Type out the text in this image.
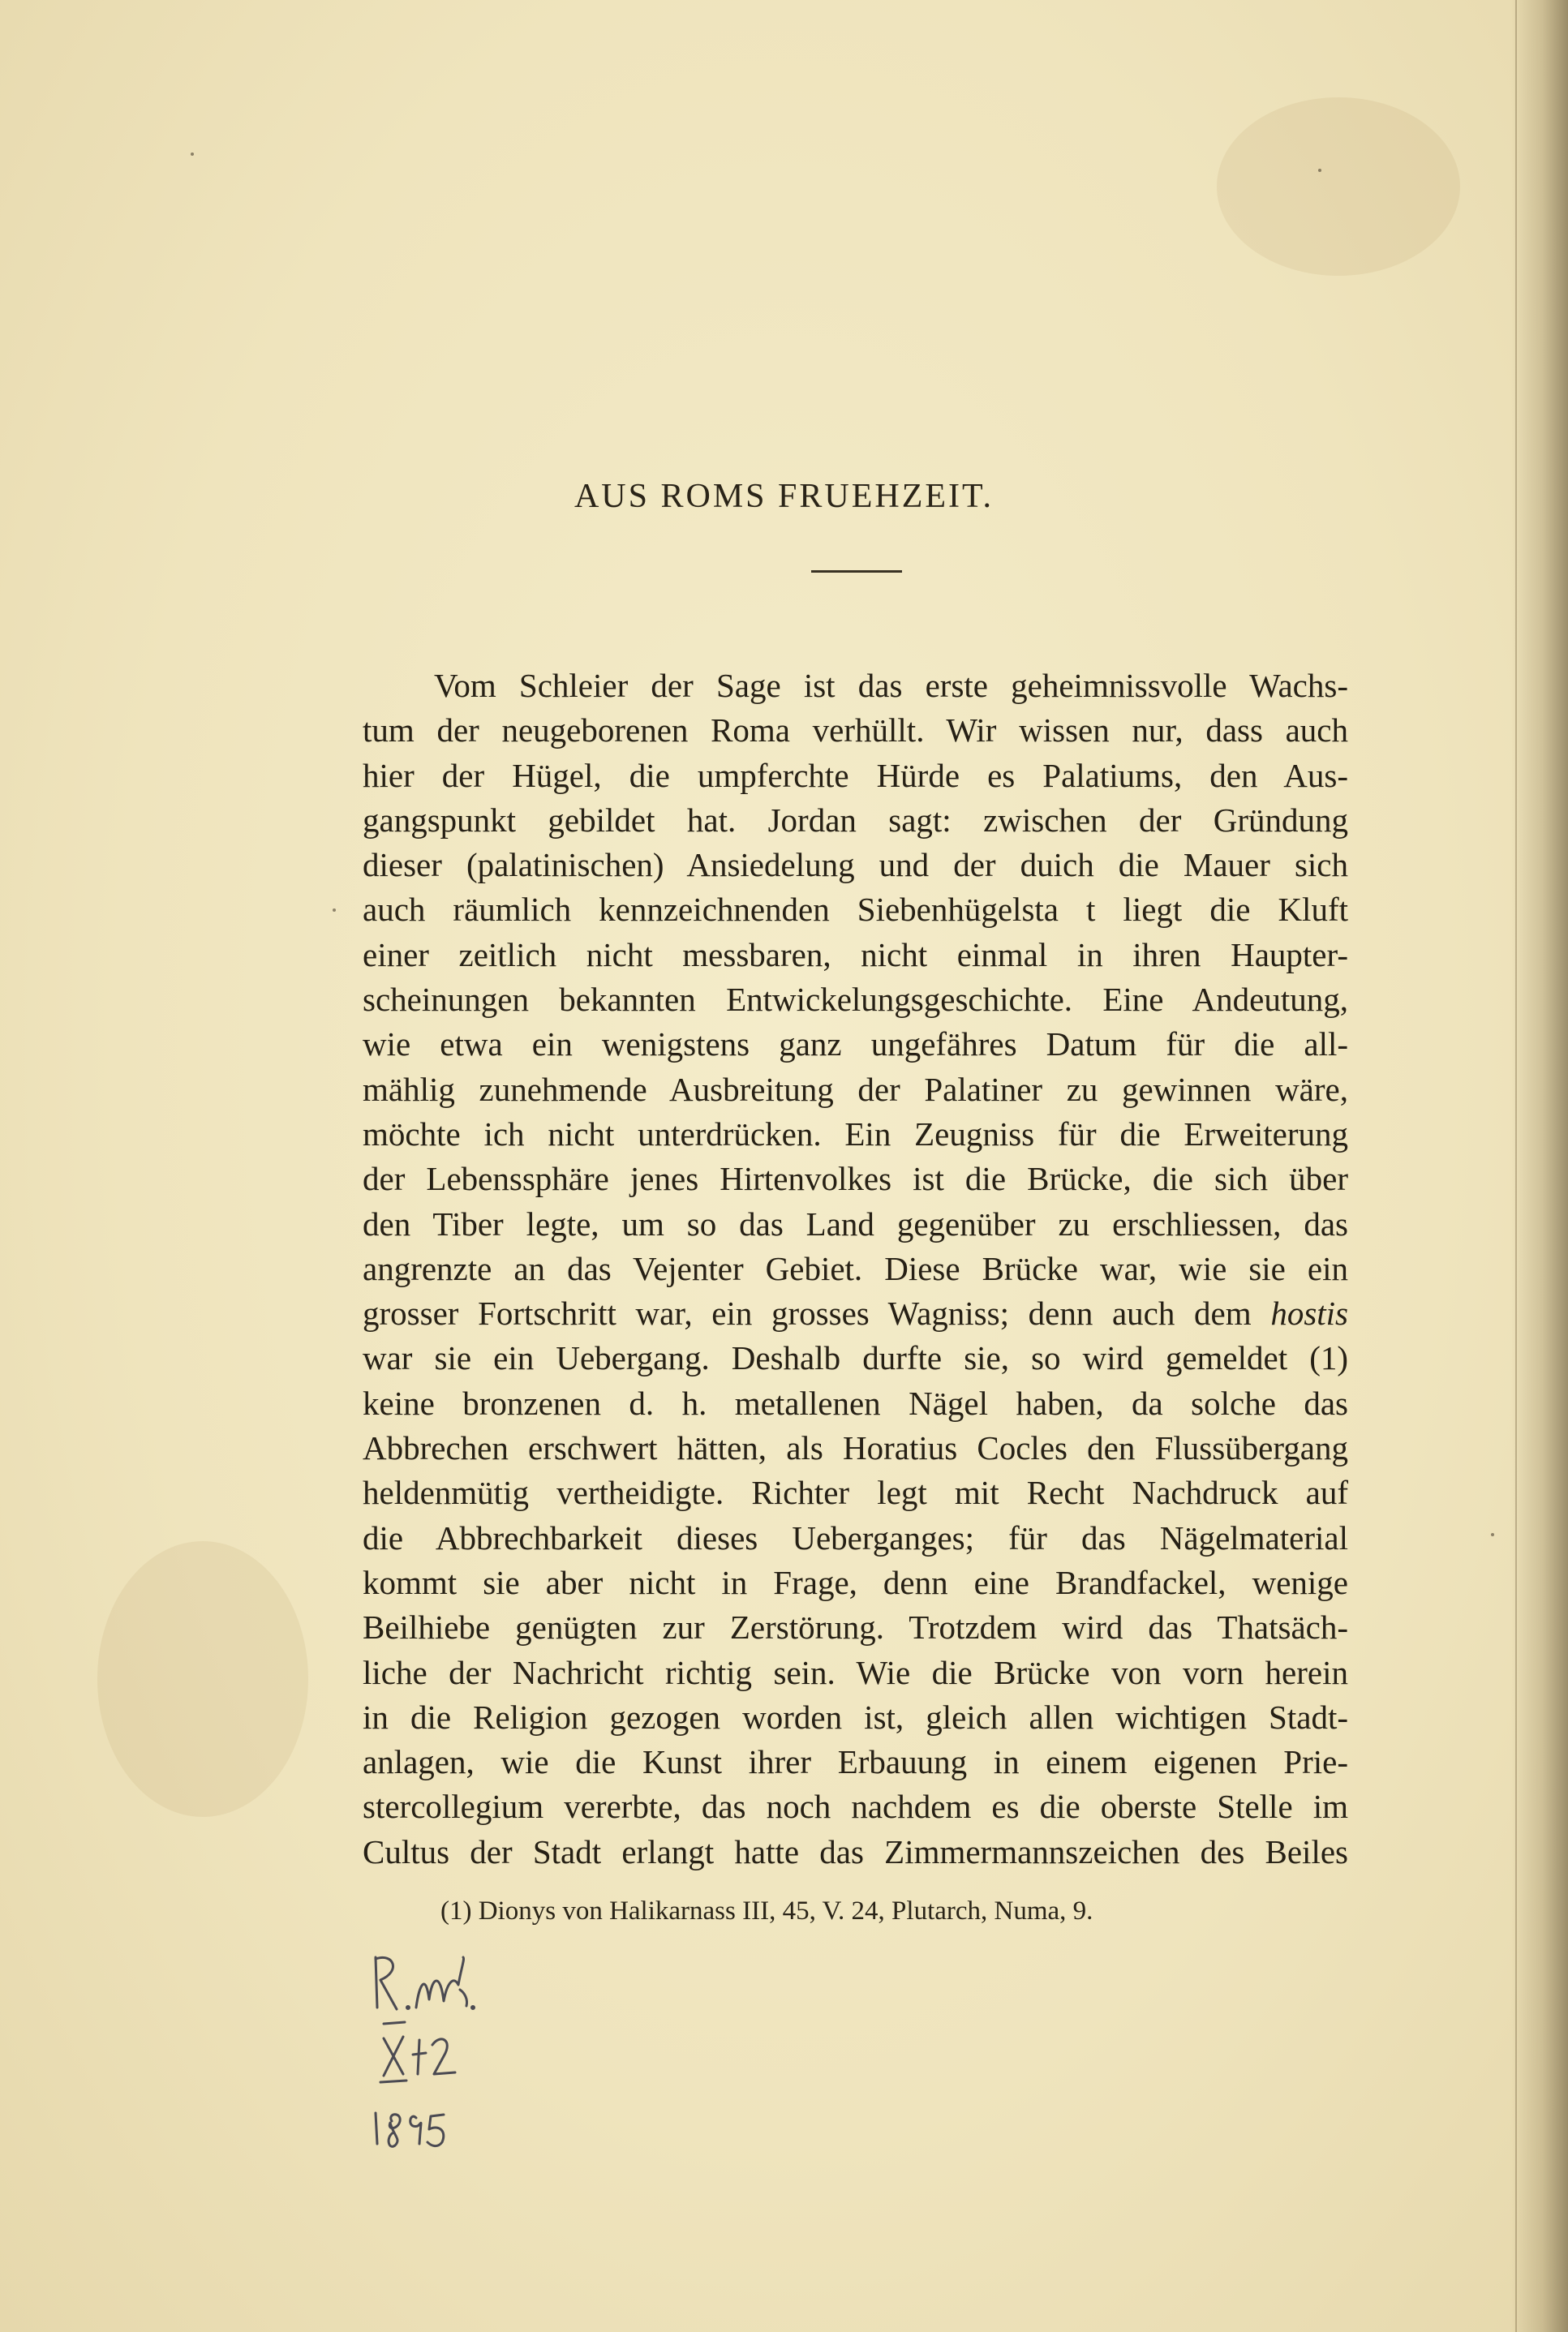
AUS ROMS FRUEHZEIT.
Vom Schleier der Sage ist das erste geheimnissvolle Wachs-
tum der neugeborenen Roma verhüllt. Wir wissen nur, dass auch
hier der Hügel, die umpferchte Hürde es Palatiums, den Aus-
gangspunkt gebildet hat. Jordan sagt: zwischen der Gründung
dieser (palatinischen) Ansiedelung und der duich die Mauer sich
auch räumlich kennzeichnenden Siebenhügelsta t liegt die Kluft
einer zeitlich nicht messbaren, nicht einmal in ihren Haupter-
scheinungen bekannten Entwickelungsgeschichte. Eine Andeutung,
wie etwa ein wenigstens ganz ungefähres Datum für die all-
mählig zunehmende Ausbreitung der Palatiner zu gewinnen wäre,
möchte ich nicht unterdrücken. Ein Zeugniss für die Erweiterung
der Lebenssphäre jenes Hirtenvolkes ist die Brücke, die sich über
den Tiber legte, um so das Land gegenüber zu erschliessen, das
angrenzte an das Vejenter Gebiet. Diese Brücke war, wie sie ein
grosser Fortschritt war, ein grosses Wagniss; denn auch dem hostis
war sie ein Uebergang. Deshalb durfte sie, so wird gemeldet (1)
keine bronzenen d. h. metallenen Nägel haben, da solche das
Abbrechen erschwert hätten, als Horatius Cocles den Flussübergang
heldenmütig vertheidigte. Richter legt mit Recht Nachdruck auf
die Abbrechbarkeit dieses Ueberganges; für das Nägelmaterial
kommt sie aber nicht in Frage, denn eine Brandfackel, wenige
Beilhiebe genügten zur Zerstörung. Trotzdem wird das Thatsäch-
liche der Nachricht richtig sein. Wie die Brücke von vorn herein
in die Religion gezogen worden ist, gleich allen wichtigen Stadt-
anlagen, wie die Kunst ihrer Erbauung in einem eigenen Prie-
stercollegium vererbte, das noch nachdem es die oberste Stelle im
Cultus der Stadt erlangt hatte das Zimmermannszeichen des Beiles
(1) Dionys von Halikarnass III, 45, V. 24, Plutarch, Numa, 9.
